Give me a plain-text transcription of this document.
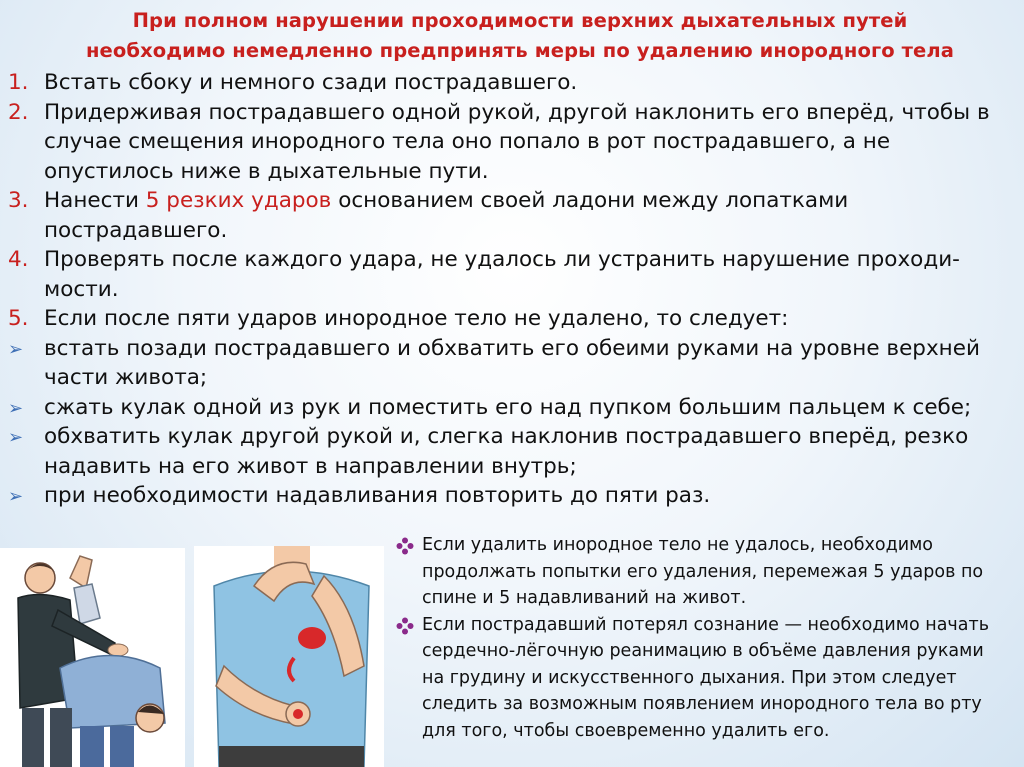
При полном нарушении проходимости верхних дыхательных путей
необходимо немедленно предпринять меры по удалению инородного тела
1. Встать сбоку и немного сзади пострадавшего.
2. Придерживая пострадавшего одной рукой, другой наклонить его вперёд, чтобы в случае смещения инородного тела оно попало в рот пострадавшего, а не опустилось ниже в дыхательные пути.
3. Нанести 5 резких ударов основанием своей ладони между лопатками пострадавшего.
4. Проверять после каждого удара, не удалось ли устранить нарушение проходи-мости.
5. Если после пяти ударов инородное тело не удалено, то следует:
➢ встать позади пострадавшего и обхватить его обеими руками на уровне верхней части живота;
➢ сжать кулак одной из рук и поместить его над пупком большим пальцем к себе;
➢ обхватить кулак другой рукой и, слегка наклонив пострадавшего вперёд, резко надавить на его живот в направлении внутрь;
➢ при необходимости надавливания повторить до пяти раз.
Если удалить инородное тело не удалось, необходимо продолжать попытки его удаления, перемежая 5 ударов по спине и 5 надавливаний на живот.
Если пострадавший потерял сознание — необходимо начать сердечно-лёгочную реанимацию в объёме давления руками на грудину и искусственного дыхания. При этом следует следить за возможным появлением инородного тела во рту для того, чтобы своевременно удалить его.
